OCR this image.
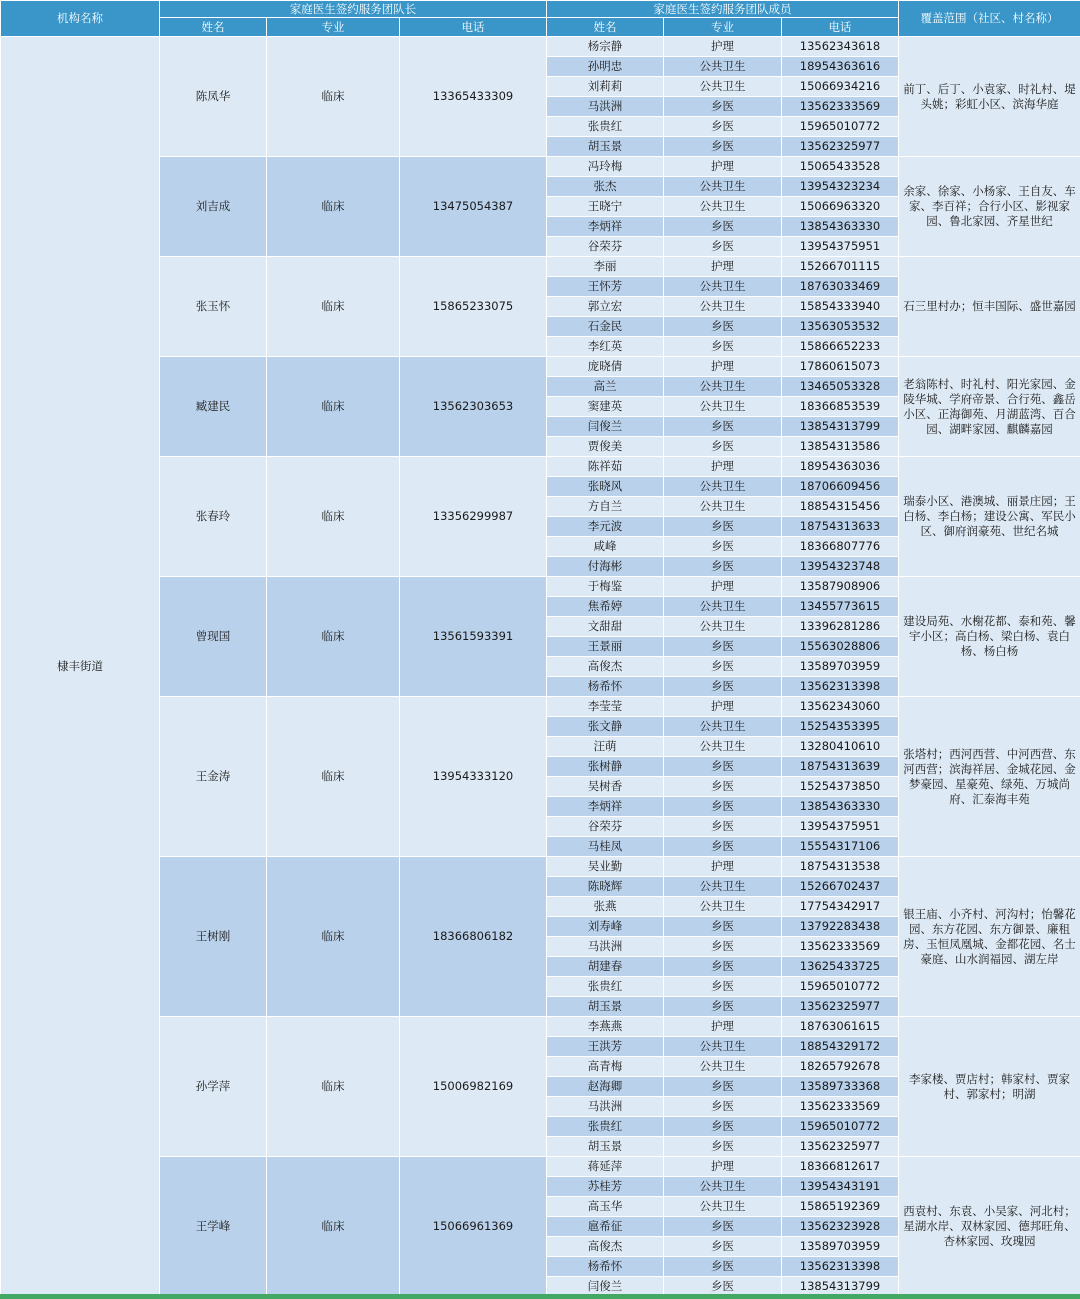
机构名称	家庭医生签约服务团队长			家庭医生签约服务团队成员			覆盖范围（社区、村名称）
	姓名	专业	电话	姓名	专业	电话	
棣丰街道	陈凤华	临床	13365433309	杨宗静	护理	13562343618	前丁、后丁、小袁家、时礼村、堤头姚；彩虹小区、滨海华庭
				孙明忠	公共卫生	18954363616	
				刘莉莉	公共卫生	15066934216	
				马洪洲	乡医	13562333569	
				张贵红	乡医	15965010772	
				胡玉景	乡医	13562325977	
	刘吉成	临床	13475054387	冯玲梅	护理	15065433528	余家、徐家、小杨家、王自友、车家、李百祥；合行小区、影视家园、鲁北家园、齐星世纪
				张杰	公共卫生	13954323234	
				王晓宁	公共卫生	15066963320	
				李炳祥	乡医	13854363330	
				谷荣芬	乡医	13954375951	
	张玉怀	临床	15865233075	李丽	护理	15266701115	石三里村办；恒丰国际、盛世嘉园
				王怀芳	公共卫生	18763033469	
				郭立宏	公共卫生	15854333940	
				石金民	乡医	13563053532	
				李红英	乡医	15866652233	
	臧建民	临床	13562303653	庞晓倩	护理	17860615073	老翁陈村、时礼村、阳光家园、金陵华城、学府帝景、合行苑、鑫岳小区、正海御苑、月湖蓝湾、百合园、湖畔家园、麒麟嘉园
				高兰	公共卫生	13465053328	
				窦建英	公共卫生	18366853539	
				闫俊兰	乡医	13854313799	
				贾俊美	乡医	13854313586	
	张春玲	临床	13356299987	陈祥茹	护理	18954363036	瑞泰小区、港澳城、丽景庄园；王白杨、李白杨；建设公寓、军民小区、御府润豪苑、世纪名城
				张晓风	公共卫生	18706609456	
				方自兰	公共卫生	18854315456	
				李元波	乡医	18754313633	
				咸峰	乡医	18366807776	
				付海彬	乡医	13954323748	
	曾现国	临床	13561593391	于梅鉴	护理	13587908906	建设局苑、水榭花都、泰和苑、馨宇小区；高白杨、梁白杨、袁白杨、杨白杨
				焦希婷	公共卫生	13455773615	
				文甜甜	公共卫生	13396281286	
				王景丽	乡医	15563028806	
				高俊杰	乡医	13589703959	
				杨希怀	乡医	13562313398	
	王金涛	临床	13954333120	李莹莹	护理	13562343060	张塔村；西河西营、中河西营、东河西营；滨海祥居、金城花园、金梦豪园、星豪苑、绿苑、万城尚府、汇泰海丰苑
				张文静	公共卫生	15254353395	
				汪萌	公共卫生	13280410610	
				张树静	乡医	18754313639	
				吴树香	乡医	15254373850	
				李炳祥	乡医	13854363330	
				谷荣芬	乡医	13954375951	
				马桂凤	乡医	15554317106	
	王树刚	临床	18366806182	吴业勤	护理	18754313538	银王庙、小齐村、河沟村；怡馨花园、东方花园、东方御景、廉租房、玉恒凤凰城、金都花园、名士豪庭、山水润福园、湖左岸
				陈晓辉	公共卫生	15266702437	
				张燕	公共卫生	17754342917	
				刘寿峰	乡医	13792283438	
				马洪洲	乡医	13562333569	
				胡建春	乡医	13625433725	
				张贵红	乡医	15965010772	
				胡玉景	乡医	13562325977	
	孙学萍	临床	15006982169	李燕燕	护理	18763061615	李家楼、贾店村；韩家村、贾家村、郭家村；明湖
				王洪芳	公共卫生	18854329172	
				高青梅	公共卫生	18265792678	
				赵海卿	乡医	13589733368	
				马洪洲	乡医	13562333569	
				张贵红	乡医	15965010772	
				胡玉景	乡医	13562325977	
	王学峰	临床	15066961369	蒋延萍	护理	18366812617	西袁村、东袁、小吴家、河北村；星湖水岸、双林家园、德邦旺角、杏林家园、玫瑰园
				苏桂芳	公共卫生	13954343191	
				高玉华	公共卫生	15865192369	
				扈希征	乡医	13562323928	
				高俊杰	乡医	13589703959	
				杨希怀	乡医	13562313398	
				闫俊兰	乡医	13854313799	
